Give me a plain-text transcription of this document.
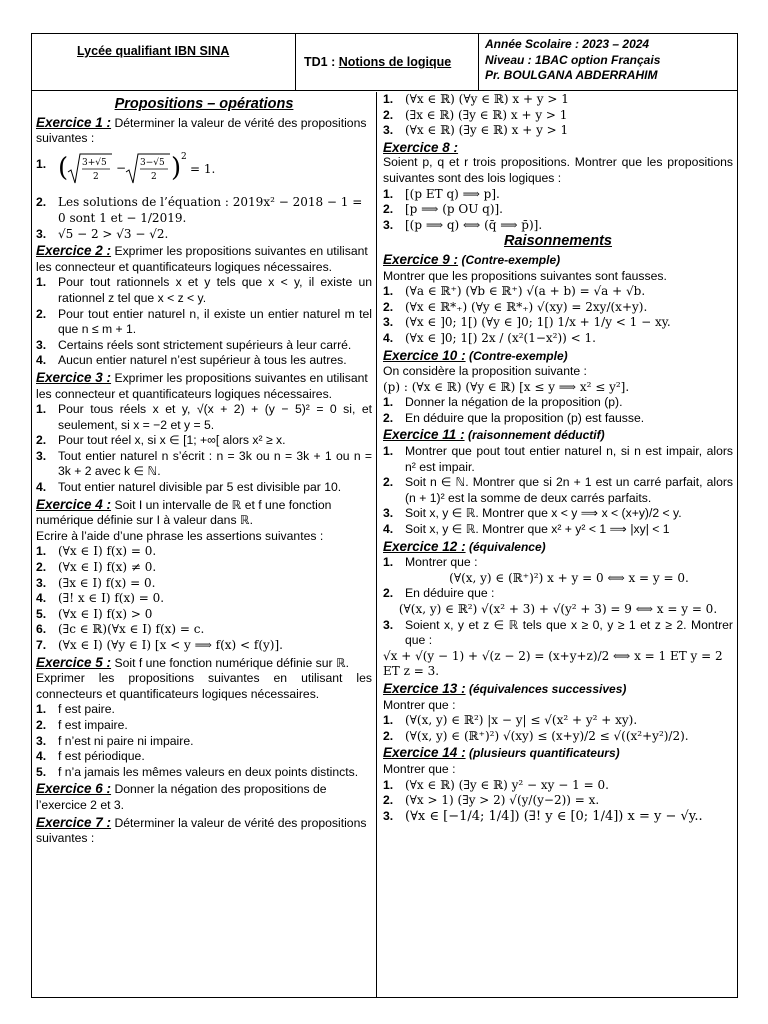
Lycée qualifiant IBN SINA
TD1 : Notions de logique
Année Scolaire : 2023 – 2024
Niveau : 1BAC option Français
Pr. BOULGANA ABDERRAHIM
Propositions – opérations
Exercice 1 : Déterminer la valeur de vérité des propositions suivantes :
1. ( 3+√5
2
− 3−√5
2 ) 2
= 1.
2. Les solutions de l’équation : 2019x² − 2018 − 1 = 0 sont 1 et − 1/2019.
3. √5 − 2 > √3 − √2.
Exercice 2 : Exprimer les propositions suivantes en utilisant les connecteur et quantificateurs logiques nécessaires.
1. Pour tout rationnels x et y tels que x < y, il existe un rationnel z tel que x < z < y.
2. Pour tout entier naturel n, il existe un entier naturel m tel que n ≤ m + 1.
3. Certains réels sont strictement supérieurs à leur carré.
4. Aucun entier naturel n’est supérieur à tous les autres.
Exercice 3 : Exprimer les propositions suivantes en utilisant les connecteur et quantificateurs logiques nécessaires.
1. Pour tous réels x et y, √(x + 2) + (y − 5)² = 0 si, et seulement, si x = −2 et y = 5.
2. Pour tout réel x, si x ∈ [1; +∞[ alors x² ≥ x.
3. Tout entier naturel n s’écrit : n = 3k ou n = 3k + 1 ou n = 3k + 2 avec k ∈ ℕ.
4. Tout entier naturel divisible par 5 est divisible par 10.
Exercice 4 : Soit I un intervalle de ℝ et f une fonction numérique définie sur I à valeur dans ℝ.
Ecrire à l’aide d’une phrase les assertions suivantes :
1. (∀x ∈ I) f(x) = 0.
2. (∀x ∈ I) f(x) ≠ 0.
3. (∃x ∈ I) f(x) = 0.
4. (∃! x ∈ I) f(x) = 0.
5. (∀x ∈ I) f(x) > 0
6. (∃c ∈ ℝ)(∀x ∈ I) f(x) = c.
7. (∀x ∈ I) (∀y ∈ I) [x < y ⟹ f(x) < f(y)].
Exercice 5 : Soit f une fonction numérique définie sur ℝ.
Exprimer les propositions suivantes en utilisant les connecteurs et quantificateurs logiques nécessaires.
1. f est paire.
2. f est impaire.
3. f n’est ni paire ni impaire.
4. f est périodique.
5. f n’a jamais les mêmes valeurs en deux points distincts.
Exercice 6 : Donner la négation des propositions de l’exercice 2 et 3.
Exercice 7 : Déterminer la valeur de vérité des propositions suivantes :
1. (∀x ∈ ℝ) (∀y ∈ ℝ) x + y > 1
2. (∃x ∈ ℝ) (∃y ∈ ℝ) x + y > 1
3. (∀x ∈ ℝ) (∃y ∈ ℝ) x + y > 1
Exercice 8 :
Soient p, q et r trois propositions. Montrer que les propositions suivantes sont des lois logiques :
1. [(p ET q) ⟹ p].
2. [p ⟹ (p OU q)].
3. [(p ⟹ q) ⟺ (q̄ ⟹ p̄)].
Raisonnements
Exercice 9 : (Contre-exemple)
Montrer que les propositions suivantes sont fausses.
1. (∀a ∈ ℝ⁺) (∀b ∈ ℝ⁺) √(a + b) = √a + √b.
2. (∀x ∈ ℝ*₊) (∀y ∈ ℝ*₊) √(xy) = 2xy/(x+y).
3. (∀x ∈ ]0; 1[) (∀y ∈ ]0; 1[) 1/x + 1/y < 1 − xy.
4. (∀x ∈ ]0; 1[) 2x / (x²(1−x²)) < 1.
Exercice 10 : (Contre-exemple)
On considère la proposition suivante :
(p) : (∀x ∈ ℝ) (∀y ∈ ℝ) [x ≤ y ⟹ x² ≤ y²].
1. Donner la négation de la proposition (p).
2. En déduire que la proposition (p) est fausse.
Exercice 11 : (raisonnement déductif)
1. Montrer que pout tout entier naturel n, si n est impair, alors n² est impair.
2. Soit n ∈ ℕ. Montrer que si 2n + 1 est un carré parfait, alors (n + 1)² est la somme de deux carrés parfaits.
3. Soit x, y ∈ ℝ. Montrer que x < y ⟹ x < (x+y)/2 < y.
4. Soit x, y ∈ ℝ. Montrer que x² + y² < 1 ⟹ |xy| < 1
Exercice 12 : (équivalence)
1. Montrer que :
(∀(x, y) ∈ (ℝ⁺)²) x + y = 0 ⟺ x = y = 0.
2. En déduire que :
(∀(x, y) ∈ ℝ²) √(x² + 3) + √(y² + 3) = 9 ⟺ x = y = 0.
3. Soient x, y et z ∈ ℝ tels que x ≥ 0, y ≥ 1 et z ≥ 2. Montrer que :
√x + √(y − 1) + √(z − 2) = (x+y+z)/2 ⟺ x = 1 ET y = 2 ET z = 3.
Exercice 13 : (équivalences successives)
Montrer que :
1. (∀(x, y) ∈ ℝ²) |x − y| ≤ √(x² + y² + xy).
2. (∀(x, y) ∈ (ℝ⁺)²) √(xy) ≤ (x+y)/2 ≤ √((x²+y²)/2).
Exercice 14 : (plusieurs quantificateurs)
Montrer que :
1. (∀x ∈ ℝ) (∃y ∈ ℝ) y² − xy − 1 = 0.
2. (∀x > 1) (∃y > 2) √(y/(y−2)) = x.
3. (∀x ∈ [−1/4; 1/4]) (∃! y ∈ [0; 1/4]) x = y − √y..
